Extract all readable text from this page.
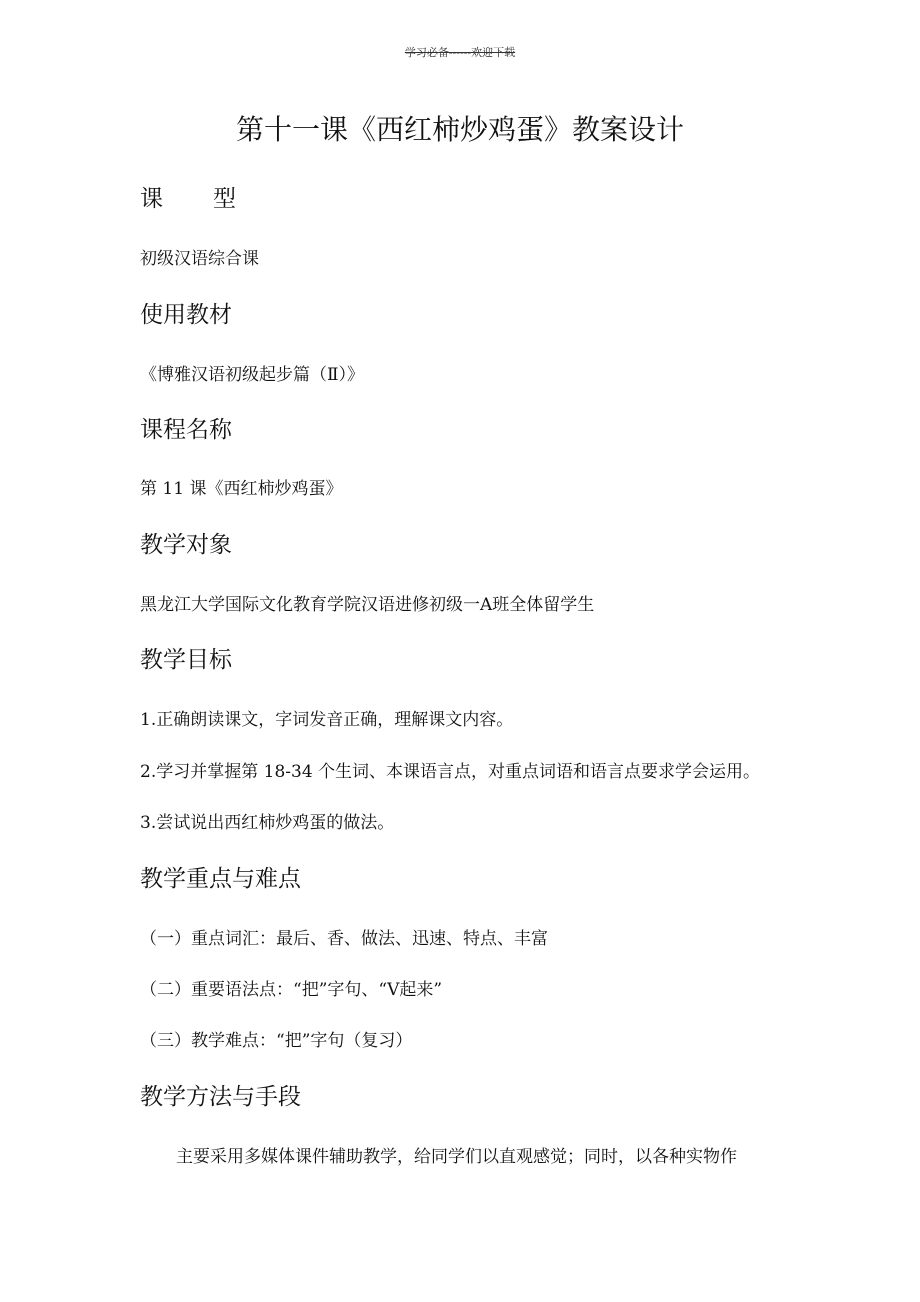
学习必备------欢迎下载
第十一课《西红柿炒鸡蛋》教案设计
课型

初级汉语综合课

使用教材

《博雅汉语初级起步篇（Ⅱ）》

课程名称

第 11 课《西红柿炒鸡蛋》

教学对象

黑龙江大学国际文化教育学院汉语进修初级一A班全体留学生

教学目标

1.正确朗读课文，字词发音正确，理解课文内容。

2.学习并掌握第 18-34 个生词、本课语言点，对重点词语和语言点要求学会运用。

3.尝试说出西红柿炒鸡蛋的做法。

教学重点与难点

（一）重点词汇：最后、香、做法、迅速、特点、丰富

（二）重要语法点：“把”字句、“V起来”

（三）教学难点：“把”字句（复习）

教学方法与手段

主要采用多媒体课件辅助教学，给同学们以直观感觉；同时，以各种实物作
